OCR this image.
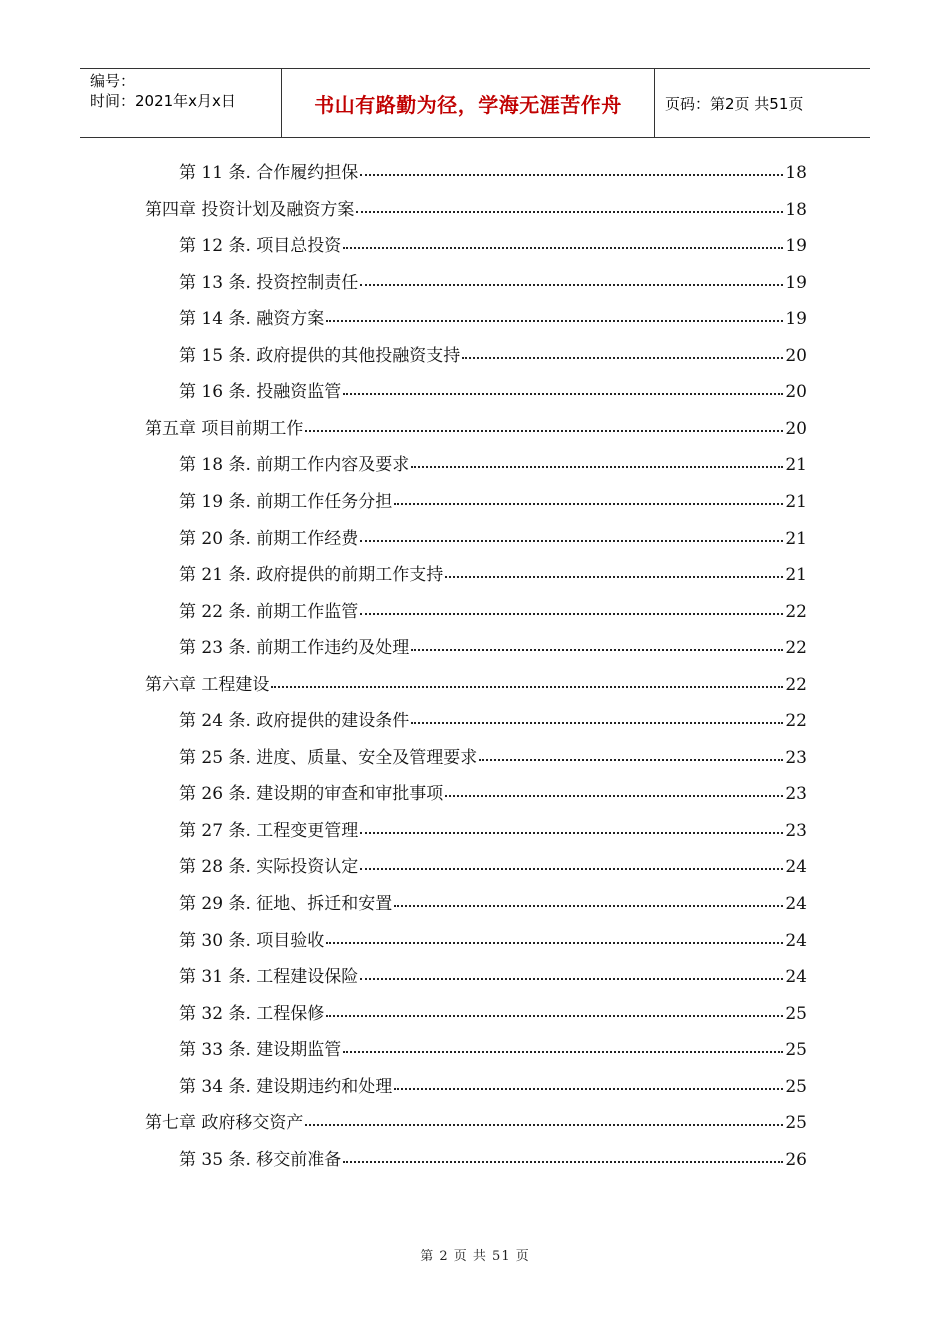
编号：
时间：2021年x月x日	书山有路勤为径，学海无涯苦作舟	页码：第2页 共51页
第 11 条. 合作履约担保	18
第四章 投资计划及融资方案	18
第 12 条. 项目总投资	19
第 13 条. 投资控制责任	19
第 14 条. 融资方案	19
第 15 条. 政府提供的其他投融资支持	20
第 16 条. 投融资监管	20
第五章 项目前期工作	20
第 18 条. 前期工作内容及要求	21
第 19 条. 前期工作任务分担	21
第 20 条. 前期工作经费	21
第 21 条. 政府提供的前期工作支持	21
第 22 条. 前期工作监管	22
第 23 条. 前期工作违约及处理	22
第六章 工程建设	22
第 24 条. 政府提供的建设条件	22
第 25 条. 进度、质量、安全及管理要求	23
第 26 条. 建设期的审查和审批事项	23
第 27 条. 工程变更管理	23
第 28 条. 实际投资认定	24
第 29 条. 征地、拆迁和安置	24
第 30 条. 项目验收	24
第 31 条. 工程建设保险	24
第 32 条. 工程保修	25
第 33 条. 建设期监管	25
第 34 条. 建设期违约和处理	25
第七章 政府移交资产	25
第 35 条. 移交前准备	26
第 2 页 共 51 页
